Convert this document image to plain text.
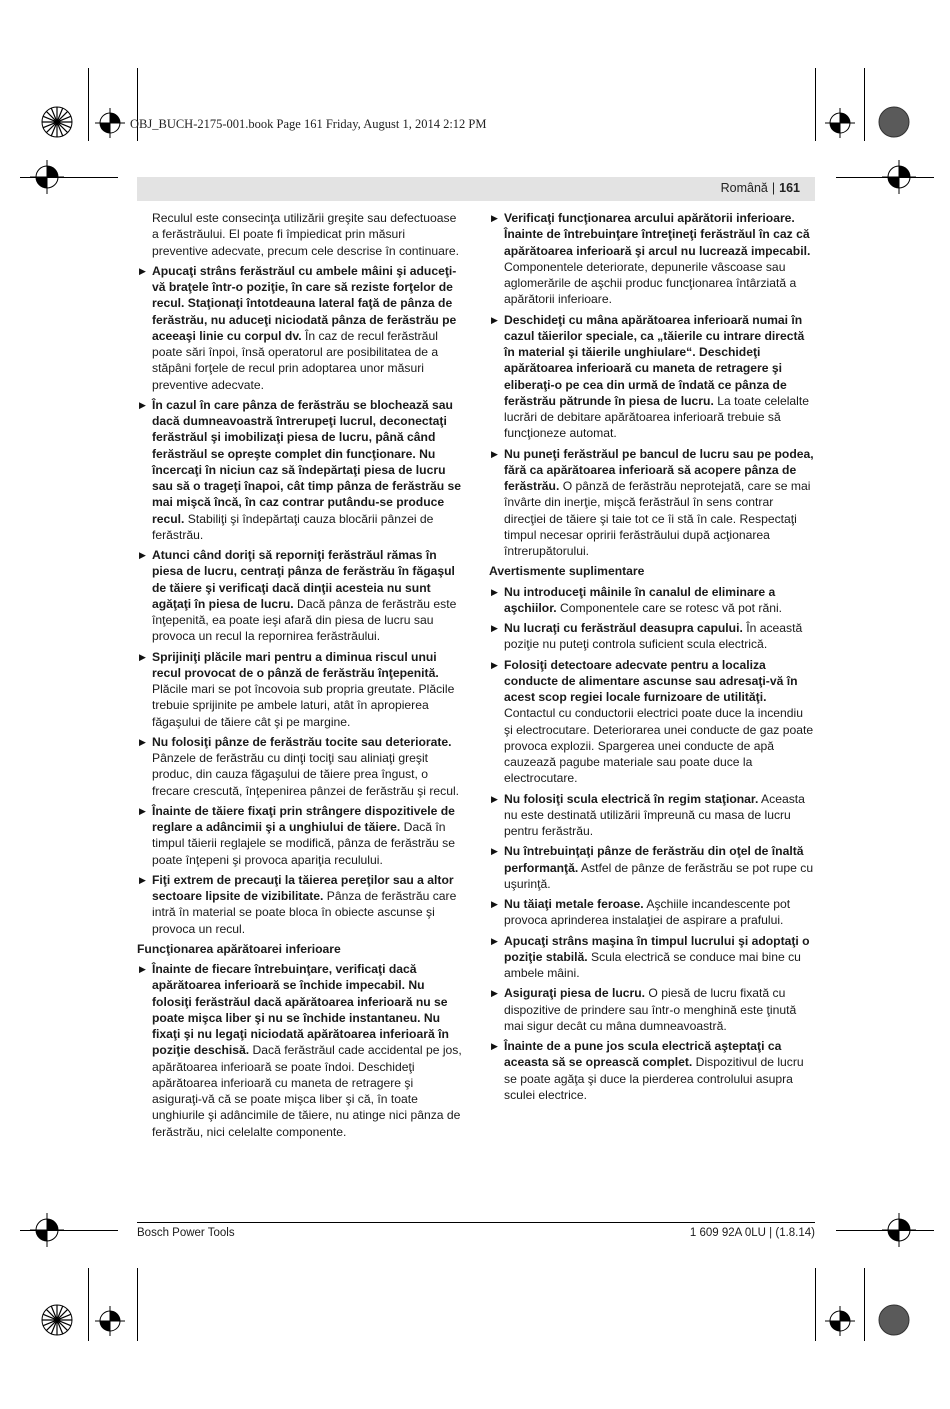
OBJ_BUCH-2175-001.book Page 161 Friday, August 1, 2014 2:12 PM
Română | 161

Reculul este consecinţa utilizării greşite sau defectuoase a ferăstrăului. El poate fi împiedicat prin măsuri preventive adecvate, precum cele descrise în continuare.

▶ Apucaţi strâns ferăstrăul cu ambele mâini şi aduceţi-vă braţele într-o poziţie, în care să reziste forţelor de recul. Staţionaţi întotdeauna lateral faţă de pânza de ferăstrău, nu aduceţi niciodată pânza de ferăstrău pe aceeaşi linie cu corpul dv. În caz de recul ferăstrăul poate sări înpoi, însă operatorul are posibilitatea de a stăpâni forţele de recul prin adoptarea unor măsuri preventive adecvate.
▶ În cazul în care pânza de ferăstrău se blochează sau dacă dumneavoastră întrerupeţi lucrul, deconectaţi ferăstrăul şi imobilizaţi piesa de lucru, până când ferăstrăul se opreşte complet din funcţionare. Nu încercaţi în niciun caz să îndepărtaţi piesa de lucru sau să o trageţi înapoi, cât timp pânza de ferăstrău se mai mişcă încă, în caz contrar putându-se produce recul. Stabiliţi şi îndepărtaţi cauza blocării pânzei de ferăstrău.
▶ Atunci când doriţi să reporniţi ferăstrăul rămas în piesa de lucru, centraţi pânza de ferăstrău în făgaşul de tăiere şi verificaţi dacă dinţii acesteia nu sunt agăţaţi în piesa de lucru. Dacă pânza de ferăstrău este înţepenită, ea poate ieşi afară din piesa de lucru sau provoca un recul la repornirea ferăstrăului.
▶ Sprijiniţi plăcile mari pentru a diminua riscul unui recul provocat de o pânză de ferăstrău înţepenită. Plăcile mari se pot încovoia sub propria greutate. Plăcile trebuie sprijinite pe ambele laturi, atât în apropierea făgaşului de tăiere cât şi pe margine.
▶ Nu folosiţi pânze de ferăstrău tocite sau deteriorate. Pânzele de ferăstrău cu dinţi tociţi sau aliniaţi greşit produc, din cauza făgaşului de tăiere prea îngust, o frecare crescută, înţepenirea pânzei de ferăstrău şi recul.
▶ Înainte de tăiere fixaţi prin strângere dispozitivele de reglare a adâncimii şi a unghiului de tăiere. Dacă în timpul tăierii reglajele se modifică, pânza de ferăstrău se poate înţepeni şi provoca apariţia reculului.
▶ Fiţi extrem de precauţi la tăierea pereţilor sau a altor sectoare lipsite de vizibilitate. Pânza de ferăstrău care intră în material se poate bloca în obiecte ascunse şi provoca un recul.
Funcţionarea apărătoarei inferioare
▶ Înainte de fiecare întrebuinţare, verificaţi dacă apărătoarea inferioară se închide impecabil. Nu folosiţi ferăstrăul dacă apărătoarea inferioară nu se poate mişca liber şi nu se închide instantaneu. Nu fixaţi şi nu legaţi niciodată apărătoarea inferioară în poziţie deschisă. Dacă ferăstrăul cade accidental pe jos, apărătoarea inferioară se poate îndoi. Deschideţi apărătoarea inferioară cu maneta de retragere şi asiguraţi-vă că se poate mişca liber şi că, în toate unghiurile şi adâncimile de tăiere, nu atinge nici pânza de ferăstrău, nici celelalte componente.
▶ Verificaţi funcţionarea arcului apărătorii inferioare. Înainte de întrebuinţare întreţineţi ferăstrăul în caz că apărătoarea inferioară şi arcul nu lucrează impecabil. Componentele deteriorate, depunerile vâscoase sau aglomerările de aşchii produc funcţionarea întârziată a apărătorii inferioare.
▶ Deschideţi cu mâna apărătoarea inferioară numai în cazul tăierilor speciale, ca „tăierile cu intrare directă în material şi tăierile unghiulare“. Deschideţi apărătoarea inferioară cu maneta de retragere şi eliberaţi-o pe cea din urmă de îndată ce pânza de ferăstrău pătrunde în piesa de lucru. La toate celelalte lucrări de debitare apărătoarea inferioară trebuie să funcţioneze automat.
▶ Nu puneţi ferăstrăul pe bancul de lucru sau pe podea, fără ca apărătoarea inferioară să acopere pânza de ferăstrău. O pânză de ferăstrău neprotejată, care se mai învârte din inerţie, mişcă ferăstrăul în sens contrar direcţiei de tăiere şi taie tot ce îi stă în cale. Respectaţi timpul necesar opririi ferăstrăului după acţionarea întrerupătorului.
Avertismente suplimentare
▶ Nu introduceţi mâinile în canalul de eliminare a aşchiilor. Componentele care se rotesc vă pot răni.
▶ Nu lucraţi cu ferăstrăul deasupra capului. În această poziţie nu puteţi controla suficient scula electrică.
▶ Folosiţi detectoare adecvate pentru a localiza conducte de alimentare ascunse sau adresaţi-vă în acest scop regiei locale furnizoare de utilităţi. Contactul cu conductorii electrici poate duce la incendiu şi electrocutare. Deteriorarea unei conducte de gaz poate provoca explozii. Spargerea unei conducte de apă cauzează pagube materiale sau poate duce la electrocutare.
▶ Nu folosiţi scula electrică în regim staţionar. Aceasta nu este destinată utilizării împreună cu masa de lucru pentru ferăstrău.
▶ Nu întrebuinţaţi pânze de ferăstrău din oţel de înaltă performanţă. Astfel de pânze de ferăstrău se pot rupe cu uşurinţă.
▶ Nu tăiaţi metale feroase. Aşchiile incandescente pot provoca aprinderea instalaţiei de aspirare a prafului.
▶ Apucaţi strâns maşina în timpul lucrului şi adoptaţi o poziţie stabilă. Scula electrică se conduce mai bine cu ambele mâini.
▶ Asiguraţi piesa de lucru. O piesă de lucru fixată cu dispozitive de prindere sau într-o menghină este ţinută mai sigur decât cu mâna dumneavoastră.
▶ Înainte de a pune jos scula electrică aşteptaţi ca aceasta să se oprească complet. Dispozitivul de lucru se poate agăţa şi duce la pierderea controlului asupra sculei electrice.
Bosch Power Tools	1 609 92A 0LU | (1.8.14)
